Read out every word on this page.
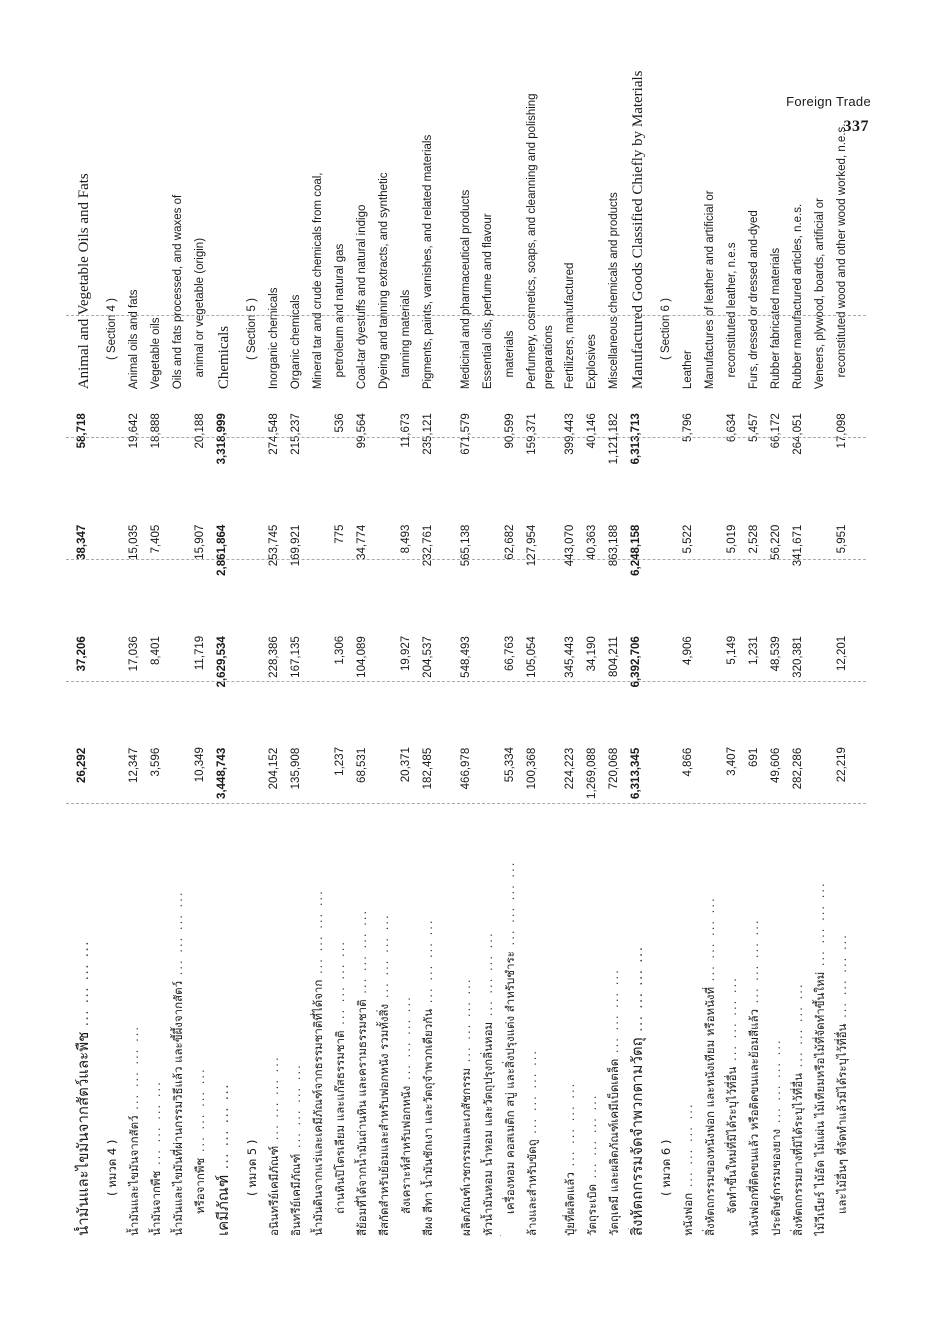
Foreign Trade
337
น้ำมันและไขมันจากสัตว์และพืช ... ... ... ...
26,292
37,206
38,347
58,718
Animal and Vegetable Oils and Fats
( หมวด 4 )
( Section 4 )
น้ำมันและไขมันจากสัตว์ ... ... ... ...
12,347
17,036
15,035
19,642
Animal oils and fats
น้ำมันจากพืช ... ... ... ...
3,596
8,401
7,405
18,888
Vegetable oils
น้ำมันและไขมันที่ผ่านกรรมวิธีแล้ว และขี้ผึ้งจากสัตว์ ... ... ... ...
Oils and fats processed, and waxes of
หรือจากพืช ... ... ... ...
10,349
11,719
15,907
20,188
animal or vegetable (origin)
เคมีภัณฑ์ ... ... ... ...
3,448,743
2,629,534
2,861,864
3,318,999
Chemicals
( หมวด 5 )
( Section 5 )
อนินทรีย์เคมีภัณฑ์ ... ... ... ...
204,152
228,386
253,745
274,548
Inorganic chemicals
อินทรีย์เคมีภัณฑ์ ... ... ... ...
135,908
167,135
169,921
215,237
Organic chemicals
น้ำมันดินจากแร่และเคมีภัณฑ์จากธรรมชาติที่ได้จาก ... ... ... ...
Mineral tar and crude chemicals from coal,
ถ่านหินปิโตรเลียม และแก๊สธรรมชาติ ... ... ... ...
1,237
1,306
775
536
petroleum and natural gas
สีย้อมที่ได้จากน้ำมันถ่านหิน และครามธรรมชาติ ... ... ... ...
68,531
104,089
34,774
99,564
Coal-tar dyestuffs and natural indigo
สีสกัดสำหรับย้อมและสำหรับฟอกหนัง รวมทั้งสิ่ง ... ... ... ...
Dyeing and tanning extracts, and synthetic
สังเคราะห์สำหรับฟอกหนัง ... ... ... ...
20,371
19,927
8,493
11,673
tanning materials
สีผง สีทา น้ำมันชักเงา และวัตถุจำพวกเดียวกัน ... ... ... ...
182,485
204,537
232,761
235,121
Pigments, paints, varnishes, and related materials
ผลิตภัณฑ์เวชกรรมและเภสัชกรรม ... ... ... ...
466,978
548,493
565,138
671,579
Medicinal and pharmaceutical products
หัวน้ำมันหอม น้ำหอม และวัตถุปรุงกลิ่นหอม ... ... ... ...
Essential oils, perfume and flavour
เครื่องหอม คอสเมติก สบู่ และสิ่งปรุงแต่ง สำหรับชำระ ... ... ... ...
55,334
66,763
62,682
90,599
materials
ล้างและสำหรับขัดถู ... ... ... ...
100,368
105,054
127,954
159,371
Perfumery, cosmetics, soaps, and cleanning and polishing preparations
ปุ๋ยที่ผลิตแล้ว ... ... ... ...
224,223
345,443
443,070
399,443
Fertilizers, manufactured
วัตถุระเบิด ... ... ... ...
1,269,088
34,190
40,363
40,146
Explosives
วัตถุเคมี และผลิตภัณฑ์เคมีเบ็ดเตล็ด ... ... ... ...
720,068
804,211
863,188
1,121,182
Miscellaneous chemicals and products
สิ่งหัตถกรรมจัดจำพวกตามวัตถุ ... ... ... ...
6,313,345
6,392,706
6,248,158
6,313,713
Manufactured Goods Classified Chiefly by Materials
( หมวด 6 )
( Section 6 )
หนังฟอก ... ... ... ...
4,866
4,906
5,522
5,796
Leather
สิ่งหัตถกรรมของหนังฟอก และหนังเทียม หรือหนังที่ ... ... ... ...
Manufactures of leather and artificial or
จัดทำขึ้นใหม่ที่มิได้ระบุไว้ที่อื่น ... ... ... ...
3,407
5,149
5,019
6,634
reconstituted leather, n.e.s
หนังฟอกที่ติดขนแล้ว หรือติดขนและย้อมสีแล้ว ... ... ... ...
691
1,231
2,528
5,457
Furs, dressed or dressed and-dyed
ประดิษฐ์กรรมของยาง ... ... ... ...
49,606
48,539
56,220
66,172
Rubber fabricated materials
สิ่งหัตถกรรมยางที่มิได้ระบุไว้ที่อื่น ... ... ... ...
282,286
320,381
341,671
264,051
Rubber manufactured articles, n.e.s.
ไม้วีเนียร์ ไม้อัด ไม้แผ่น ไม้เทียมหรือไม้ที่จัดทำขึ้นใหม่ ... ... ... ...
Veneers, plywood, boards, artificial or
และไม้อื่นๆ ที่จัดทำแล้วมิได้ระบุไว้ที่อื่น ... ... ... ...
22,219
12,201
5,951
17,098
reconstituted wood and other wood worked, n.e.s.
